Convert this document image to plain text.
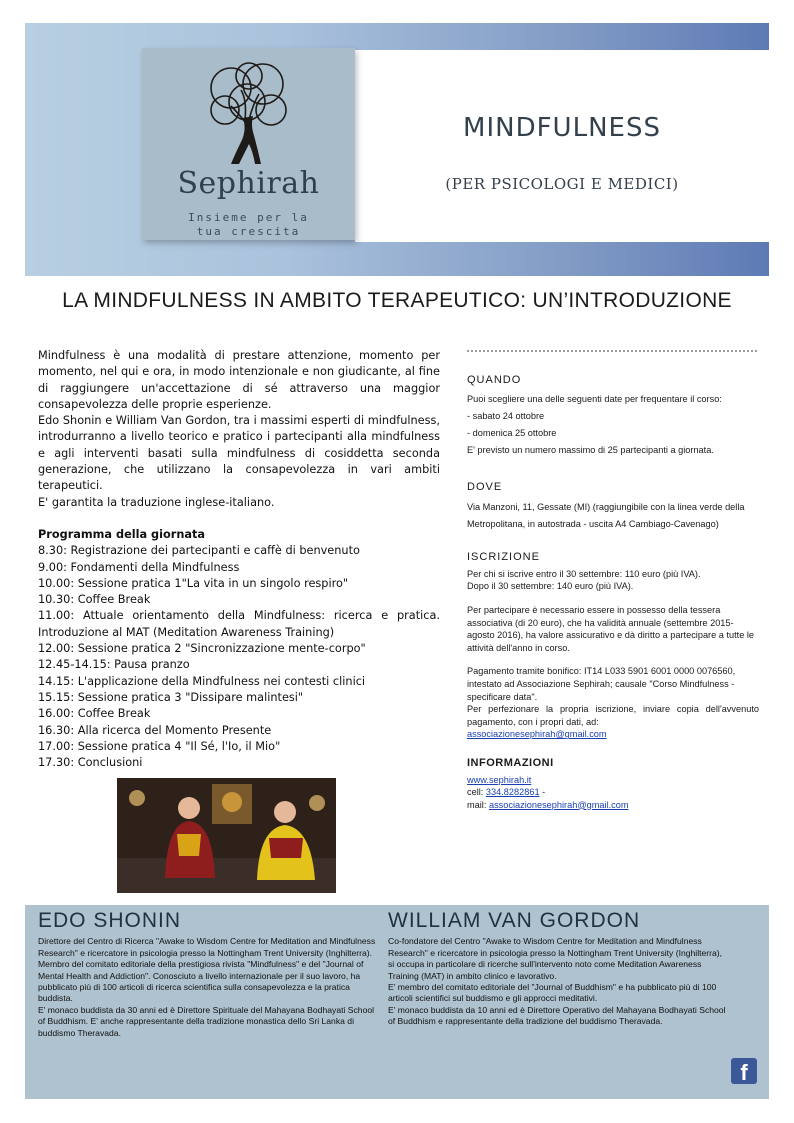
Sephirah
Insieme per la
tua crescita
MINDFULNESS
(PER PSICOLOGI E MEDICI)
LA MINDFULNESS IN AMBITO TERAPEUTICO: UN’INTRODUZIONE

Mindfulness è una modalità di prestare attenzione, momento per momento, nel qui e ora, in modo intenzionale e non giudicante, al fine di raggiungere un'accettazione di sé attraverso una maggior consapevolezza delle proprie esperienze.

Edo Shonin e William Van Gordon, tra i massimi esperti di mindfulness, introdurranno a livello teorico e pratico i partecipanti alla mindfulness e agli interventi basati sulla mindfulness di cosiddetta seconda generazione, che utilizzano la consapevolezza in vari ambiti terapeutici.

E' garantita la traduzione inglese-italiano.

Programma della giornata

8.30: Registrazione dei partecipanti e caffè di benvenuto

9.00: Fondamenti della Mindfulness

10.00: Sessione pratica 1"La vita in un singolo respiro"

10.30: Coffee Break

11.00: Attuale orientamento della Mindfulness: ricerca e pratica. Introduzione al MAT (Meditation Awareness Training)

12.00: Sessione pratica 2 "Sincronizzazione mente-corpo"

12.45-14.15: Pausa pranzo

14.15: L'applicazione della Mindfulness nei contesti clinici

15.15: Sessione pratica 3 "Dissipare malintesi"

16.00: Coffee Break

16.30: Alla ricerca del Momento Presente

17.00: Sessione pratica 4 "Il Sé, l'Io, il Mio"

17.30: Conclusioni

QUANDO

Puoi scegliere una delle seguenti date per frequentare il corso:

- sabato 24 ottobre

- domenica 25 ottobre

E' previsto un numero massimo di 25 partecipanti a giornata.

DOVE

Via Manzoni, 11, Gessate (MI) (raggiungibile con la linea verde della Metropolitana, in autostrada - uscita A4 Cambiago-Cavenago)

ISCRIZIONE

Per chi si iscrive entro il 30 settembre: 110 euro (più IVA).

Dopo il 30 settembre: 140 euro (più IVA).

Per partecipare è necessario essere in possesso della tessera associativa (di 20 euro), che ha validità annuale (settembre 2015-agosto 2016), ha valore assicurativo e dà diritto a partecipare a tutte le attività dell'anno in corso.

Pagamento tramite bonifico: IT14 L033 5901 6001 0000 0076560, intestato ad Associazione Sephirah; causale "Corso Mindfulness - specificare data".

Per perfezionare la propria iscrizione, inviare copia dell'avvenuto pagamento, con i propri dati, ad:

associazionesephirah@gmail.com

INFORMAZIONI

www.sephirah.it

cell: 334.8282861 -

mail: associazionesephirah@gmail.com

EDO SHONIN

Direttore del Centro di Ricerca "Awake to Wisdom Centre for Meditation and Mindfulness Research" e ricercatore in psicologia presso la Nottingham Trent University (Inghilterra).

Membro del comitato editoriale della prestigiosa rivista "Mindfulness" e del "Journal of Mental Health and Addiction". Conosciuto a livello internazionale per il suo lavoro, ha pubblicato più di 100 articoli di ricerca scientifica sulla consapevolezza e la pratica buddista.

E' monaco buddista da 30 anni ed è Direttore Spirituale del Mahayana Bodhayati School of Buddhism. E' anche rappresentante della tradizione monastica dello Sri Lanka di buddismo Theravada.

WILLIAM VAN GORDON

Co-fondatore del Centro "Awake to Wisdom Centre for Meditation and Mindfulness Research" e ricercatore in psicologia presso la Nottingham Trent University (Inghilterra), si occupa in particolare di ricerche sull'intervento noto come Meditation Awareness Training (MAT) in ambito clinico e lavorativo.

E' membro del comitato editoriale del "Journal of Buddhism" e ha pubblicato più di 100 articoli scientifici sul buddismo e gli approcci meditativi.

E' monaco buddista da 10 anni ed è Direttore Operativo del Mahayana Bodhayati School of Buddhism e rappresentante della tradizione del buddismo Theravada.

f
